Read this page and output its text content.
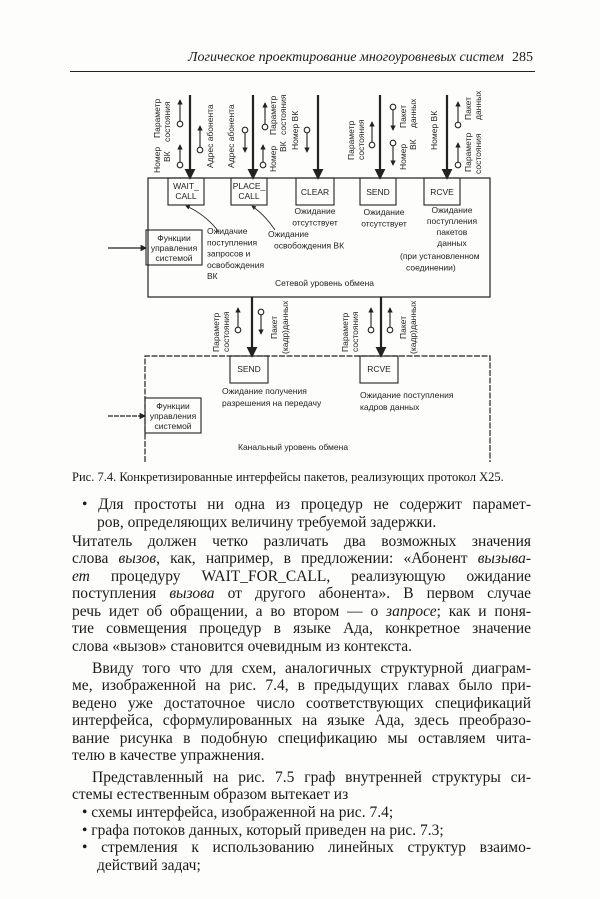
Логическое проектирование многоуровневых систем 285
Номер ВК
Параметр состояния	Адрес абонента Адрес абонента	Параметр состояния
Номер ВК Номер ВК	Параметр состояния
Пакет данных
Номер ВК Номер ВК
Параметр состояния
Пакет данных
WAIT_
CALL
PLACE_
CALL	CLEAR	SEND	RCVE
Функции
управления
системой
Функции
управления
системой
Ожидачие
поступления
запросов и
освобождения
ВК
Ожидание
освобождения ВК
Ожидание
отсутствует
Ожидание
отсутствует
Ожидание
поступления
пакетов
данных
(при установленном
соединении)
Сетевой уровень обмена
Параметр состояния	Пакет (кадр)данных	Параметр состояния	Пакет (кадр)данных
SEND	RCVE
Ожидание получения
разрешения на передачу
Ожидание поступления
кадров данных
Канальный уровень обмена
Рис. 7.4. Конкретизированные интерфейсы пакетов, реализующих протокол X25.
• Для простоты ни одна из процедур не содержит парамет-
ров, определяющих величину требуемой задержки.
Читатель должен четко различать два возможных значения
слова вызов, как, например, в предложении: «Абонент вызыва-
ет процедуру WAIT_FOR_CALL, реализующую ожидание
поступления вызова от другого абонента». В первом случае
речь идет об обращении, а во втором — о запросе; как и поня-
тие совмещения процедур в языке Ада, конкретное значение
слова «вызов» становится очевидным из контекста.
Ввиду того что для схем, аналогичных структурной диаграм-
ме, изображенной на рис. 7.4, в предыдущих главах было при-
ведено уже достаточное число соответствующих спецификаций
интерфейса, сформулированных на языке Ада, здесь преобразо-
вание рисунка в подобную спецификацию мы оставляем чита-
телю в качестве упражнения.
Представленный на рис. 7.5 граф внутренней структуры си-
стемы естественным образом вытекает из
• схемы интерфейса, изображенной на рис. 7.4;
• графа потоков данных, который приведен на рис. 7.3;
• стремления к использованию линейных структур взаимо-
действий задач;
